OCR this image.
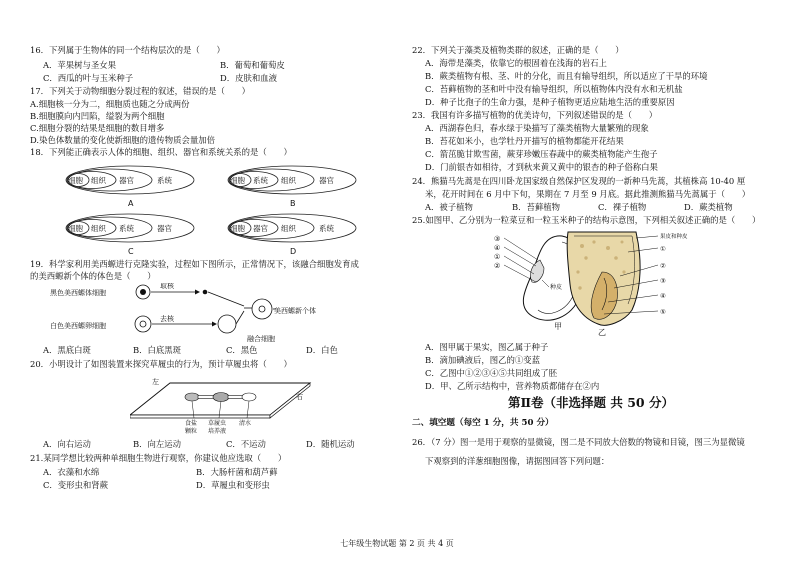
16．下列属于生物体的同一个结构层次的是（　　）
A．苹果树与圣女果	B．葡萄和葡萄皮
C．西瓜的叶与玉米种子	D．皮肤和血液
17．下列关于动物细胞分裂过程的叙述，错误的是（　　）
A.细胞核一分为二，细胞质也随之分成两份
B.细胞膜向内凹陷，缢裂为两个细胞
C.细胞分裂的结果是细胞的数目增多
D.染色体数量的变化使新细胞的遗传物质会量加倍
18．下列能正确表示人体的细胞、组织、器官和系统关系的是（　　）
细胞 组织 器官	系统
A
细胞 系统 组织	器官
B
细胞 组织 系统	器官
C
细胞 器官 组织	系统
D
19．科学家利用美西螈进行克隆实验，过程如下图所示，正常情况下，该融合细胞发育成
的美西螈新个体的体色是（　　）
黑色美西螈体细胞
白色美西螈卵细胞
取核
去核
美西螈新个体
融合细胞
A．黑底白斑	B．白底黑斑	C．黑色	D．白色
20．小明设计了如图装置来探究草履虫的行为，预计草履虫将（　　）
左
右
食盐
颗粒
草履虫
培养液
清水
A．向右运动	B．向左运动	C．不运动	D．随机运动
21.某同学想比较两种单细胞生物进行观察，你建议他应选取（　　）
A．衣藻和水绵	B．大肠杆菌和葫芦藓
C．变形虫和肾蕨	D．草履虫和变形虫
22．下列关于藻类及植物类群的叙述，正确的是（　　）
A．海带是藻类，依靠它的根固着在浅海的岩石上
B．蕨类植物有根、茎、叶的分化，而且有输导组织，所以适应了干旱的环境
C．苔藓植物的茎和叶中没有输导组织，所以植物体内没有水和无机盐
D．种子比孢子的生命力强，是种子植物更适应陆地生活的重要原因
23．我国有许多描写植物的优美诗句，下列叙述错误的是（　　）
A．西湖春色归，春水绿于染描写了藻类植物大量繁殖的现象
B．苔花如米小，也学牡丹开描写的植物都能开花结果
C．箭茁脆甘欺雪菌，蕨芽珍嫩压春蔬中的蕨类植物能产生孢子
D．门前银杏如相待，才到秋来黄又黄中的银杏的种子俗称白果
24．熊猫马先蒿是在四川卧龙国家级自然保护区发现的一新种马先蒿，其植株高 10-40 厘
米，花开时间在 6 月中下旬，果期在 7 月至 9 月底。据此推测熊猫马先蒿属于（　　）
A．被子植物	B．苔藓植物	C．裸子植物	D．蕨类植物
25.如图甲、乙分别为一粒菜豆和一粒玉米种子的结构示意图，下列相关叙述正确的是（　　）
③
④
①
②
种皮
甲
果皮和种皮
①
②
③
④
⑤
乙
A．图甲属于果实，图乙属于种子
B．滴加碘液后，图乙的①变蓝
C．乙图中①②③④⑤共同组成了胚
D．甲、乙所示结构中，营养物质都储存在②内
第Ⅱ卷（非选择题 共 50 分）
二、填空题（每空 1 分，共 50 分）
26．（7 分）图一是用于观察的显微镜，图二是不同放大倍数的物镜和目镜，图三为显微镜
下观察到的洋葱细胞图像，请据图回答下列问题：
七年级生物试题 第 2 页 共 4 页
